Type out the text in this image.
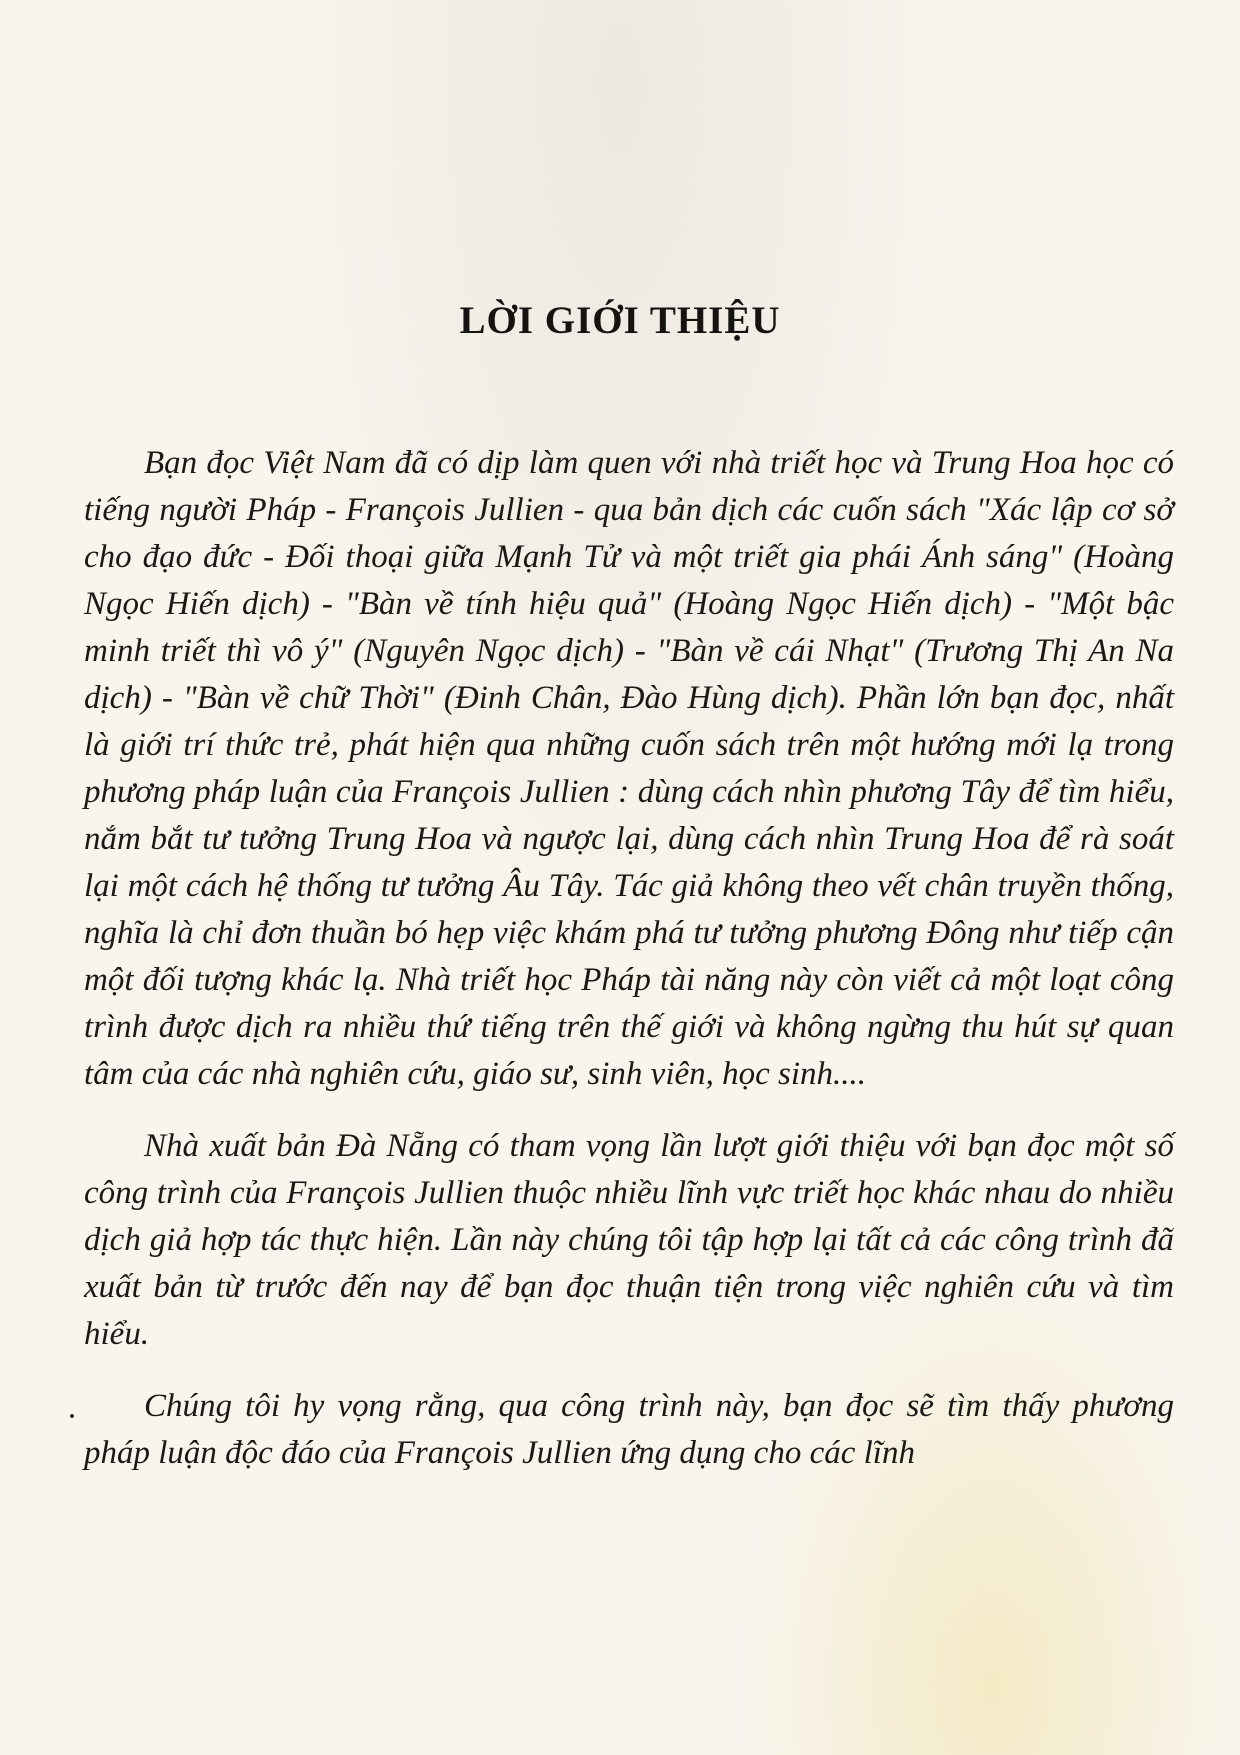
LỜI GIỚI THIỆU

Bạn đọc Việt Nam đã có dịp làm quen với nhà triết học và Trung Hoa học có tiếng người Pháp - François Jullien - qua bản dịch các cuốn sách "Xác lập cơ sở cho đạo đức - Đối thoại giữa Mạnh Tử và một triết gia phái Ánh sáng" (Hoàng Ngọc Hiến dịch) - "Bàn về tính hiệu quả" (Hoàng Ngọc Hiến dịch) - "Một bậc minh triết thì vô ý" (Nguyên Ngọc dịch) - "Bàn về cái Nhạt" (Trương Thị An Na dịch) - "Bàn về chữ Thời" (Đinh Chân, Đào Hùng dịch). Phần lớn bạn đọc, nhất là giới trí thức trẻ, phát hiện qua những cuốn sách trên một hướng mới lạ trong phương pháp luận của François Jullien : dùng cách nhìn phương Tây để tìm hiểu, nắm bắt tư tưởng Trung Hoa và ngược lại, dùng cách nhìn Trung Hoa để rà soát lại một cách hệ thống tư tưởng Âu Tây. Tác giả không theo vết chân truyền thống, nghĩa là chỉ đơn thuần bó hẹp việc khám phá tư tưởng phương Đông như tiếp cận một đối tượng khác lạ. Nhà triết học Pháp tài năng này còn viết cả một loạt công trình được dịch ra nhiều thứ tiếng trên thế giới và không ngừng thu hút sự quan tâm của các nhà nghiên cứu, giáo sư, sinh viên, học sinh....

Nhà xuất bản Đà Nẵng có tham vọng lần lượt giới thiệu với bạn đọc một số công trình của François Jullien thuộc nhiều lĩnh vực triết học khác nhau do nhiều dịch giả hợp tác thực hiện. Lần này chúng tôi tập hợp lại tất cả các công trình đã xuất bản từ trước đến nay để bạn đọc thuận tiện trong việc nghiên cứu và tìm hiểu.

Chúng tôi hy vọng rằng, qua công trình này, bạn đọc sẽ tìm thấy phương pháp luận độc đáo của François Jullien ứng dụng cho các lĩnh
